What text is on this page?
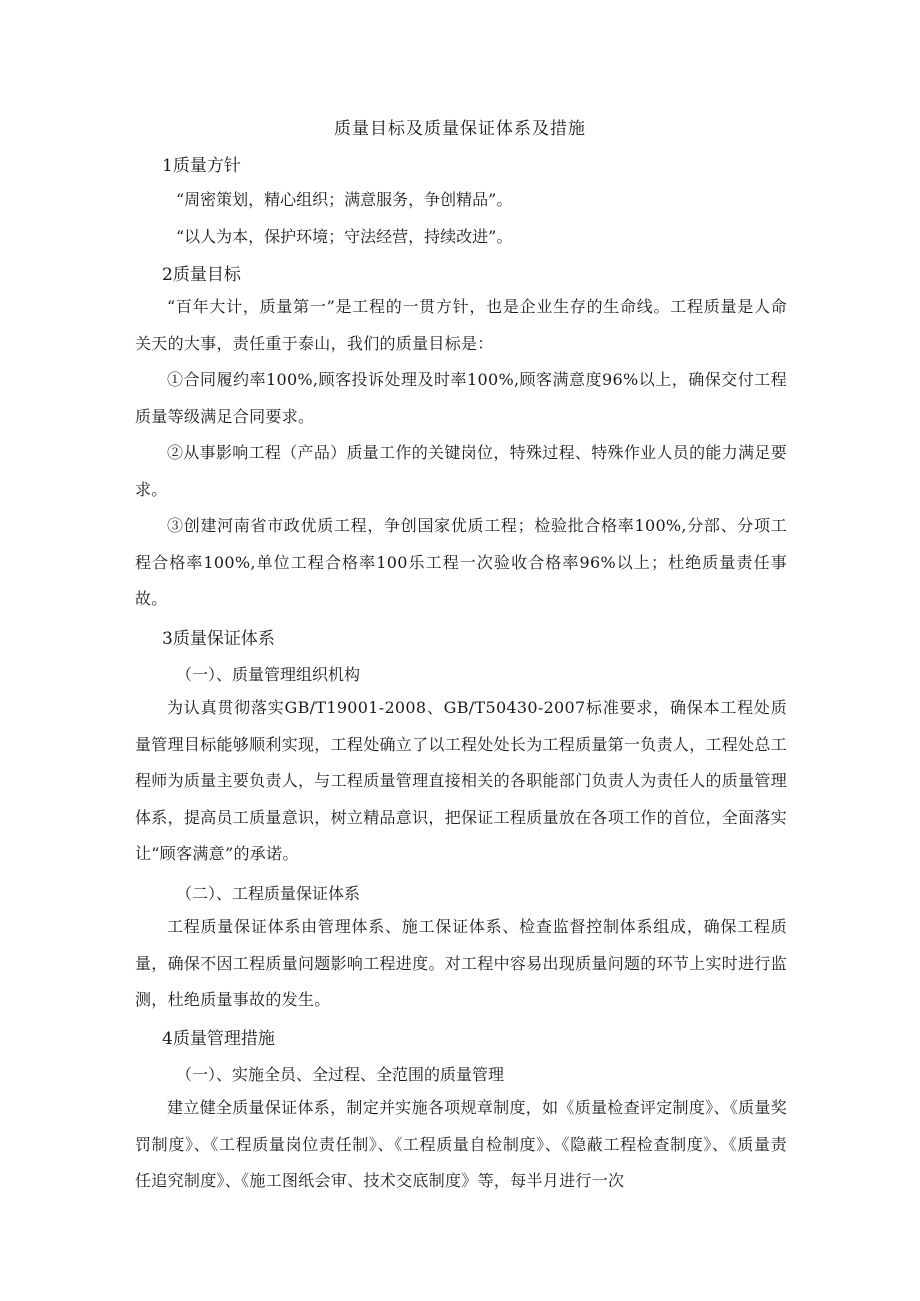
质量目标及质量保证体系及措施
1质量方针
“周密策划，精心组织；满意服务，争创精品”。
“以人为本，保护环境；守法经营，持续改进”。
2质量目标
“百年大计，质量第一”是工程的一贯方针，也是企业生存的生命线。工程质量是人命关天的大事，责任重于泰山，我们的质量目标是：
①合同履约率100%,顾客投诉处理及时率100%,顾客满意度96%以上，确保交付工程质量等级满足合同要求。
②从事影响工程（产品）质量工作的关键岗位，特殊过程、特殊作业人员的能力满足要求。
③创建河南省市政优质工程，争创国家优质工程；检验批合格率100%,分部、分项工程合格率100%,单位工程合格率100乐工程一次验收合格率96%以上；杜绝质量责任事故。
3质量保证体系
（一）、质量管理组织机构
为认真贯彻落实GB/T19001-2008、GB/T50430-2007标准要求，确保本工程处质量管理目标能够顺利实现，工程处确立了以工程处处长为工程质量第一负责人，工程处总工程师为质量主要负责人，与工程质量管理直接相关的各职能部门负责人为责任人的质量管理体系，提高员工质量意识，树立精品意识，把保证工程质量放在各项工作的首位，全面落实让“顾客满意”的承诺。
（二）、工程质量保证体系
工程质量保证体系由管理体系、施工保证体系、检查监督控制体系组成，确保工程质量，确保不因工程质量问题影响工程进度。对工程中容易出现质量问题的环节上实时进行监测，杜绝质量事故的发生。
4质量管理措施
（一）、实施全员、全过程、全范围的质量管理
建立健全质量保证体系，制定并实施各项规章制度，如《质量检查评定制度》、《质量奖罚制度》、《工程质量岗位责任制》、《工程质量自检制度》、《隐蔽工程检查制度》、《质量责任追究制度》、《施工图纸会审、技术交底制度》等，每半月进行一次
